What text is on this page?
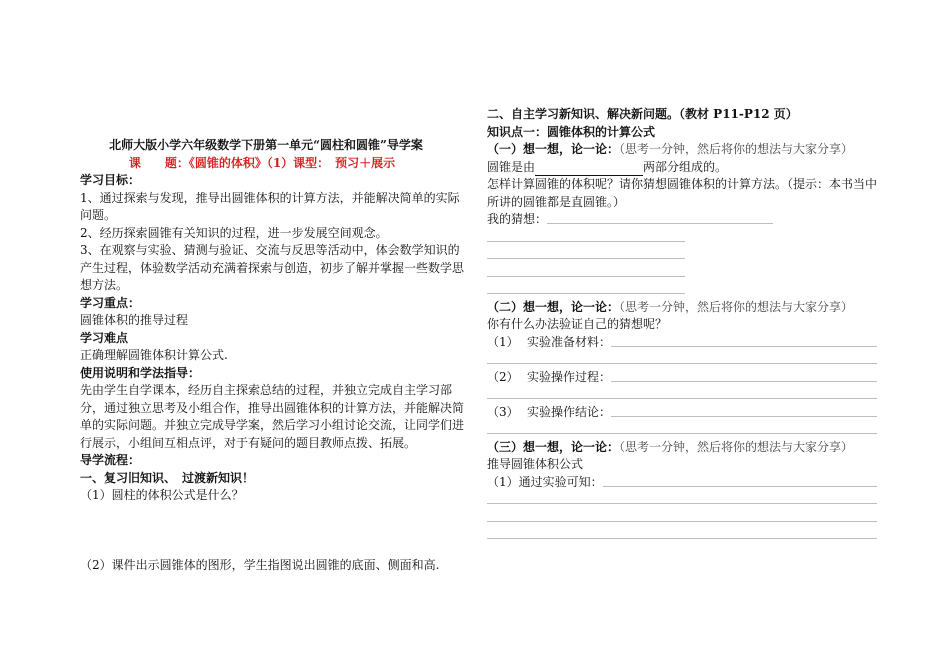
北师大版小学六年级数学下册第一单元“圆柱和圆锥”导学案
课　　题：《圆锥的体积》（1）课型：　预习＋展示
学习目标：
1、通过探索与发现，推导出圆锥体积的计算方法，并能解决简单的实际问题。
2、经历探索圆锥有关知识的过程，进一步发展空间观念。
3、在观察与实验、猜测与验证、交流与反思等活动中，体会数学知识的产生过程，体验数学活动充满着探索与创造，初步了解并掌握一些数学思想方法。
学习重点：
圆锥体积的推导过程
学习难点
正确理解圆锥体积计算公式.
使用说明和学法指导：
先由学生自学课本，经历自主探索总结的过程，并独立完成自主学习部分，通过独立思考及小组合作，推导出圆锥体积的计算方法，并能解决简单的实际问题。并独立完成导学案，然后学习小组讨论交流，让同学们进行展示，小组间互相点评，对于有疑问的题目教师点拨、拓展。
导学流程：
一、复习旧知识、　过渡新知识！
（1）圆柱的体积公式是什么？
（2）课件出示圆锥体的图形，学生指图说出圆锥的底面、侧面和高.
二、自主学习新知识、解决新问题。（教材 P11-P12 页）
知识点一：圆锥体积的计算公式
（一）想一想，论一论：（思考一分钟，然后将你的想法与大家分享）
圆锥是由	两部分组成的。
怎样计算圆锥的体积呢？请你猜想圆锥体积的计算方法。（提示：本书当中所讲的圆锥都是直圆锥。）
我的猜想：
（二）想一想，论一论：（思考一分钟，然后将你的想法与大家分享）
你有什么办法验证自己的猜想呢？
（1） 实验准备材料：
（2） 实验操作过程：
（3） 实验操作结论：
（三）想一想，论一论：（思考一分钟，然后将你的想法与大家分享）
推导圆锥体积公式
（1）通过实验可知：
